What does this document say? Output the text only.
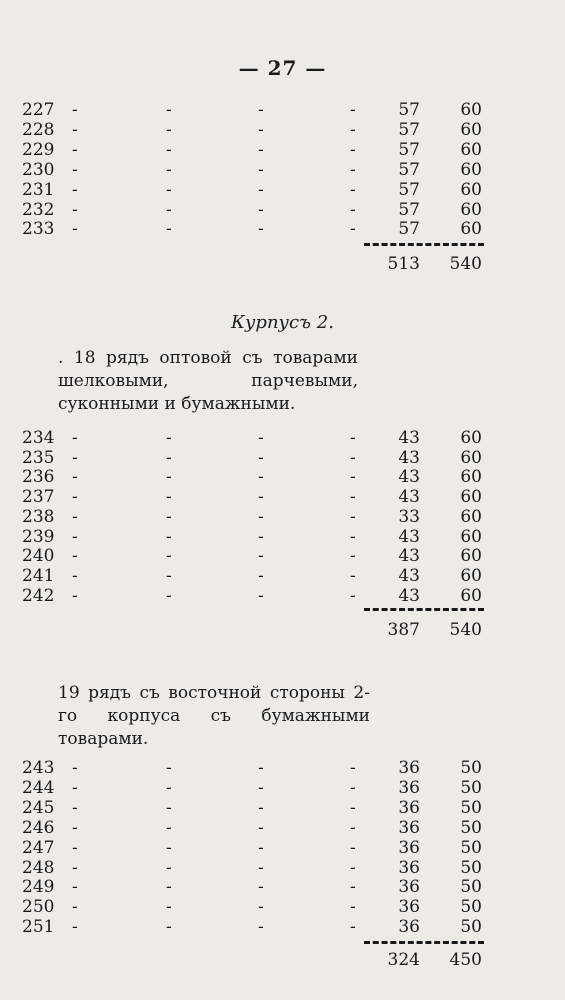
— 27 —
227 -	-	-	-	57	60
228 -	-	-	-	57	60
229 -	-	-	-	57	60
230 -	-	-	-	57	60
231 -	-	-	-	57	60
232 -	-	-	-	57	60
233 -	-	-	-	57	60
513	540
Курпусъ 2.
. 18 рядъ оптовой съ товарами шелковыми, парчевыми, суконными и бумажными.
234 -	-	-	-	43	60
235 -	-	-	-	43	60
236 -	-	-	-	43	60
237 -	-	-	-	43	60
238 -	-	-	-	33	60
239 -	-	-	-	43	60
240 -	-	-	-	43	60
241 -	-	-	-	43	60
242 -	-	-	-	43	60
387	540
19 рядъ съ восточной стороны 2-го корпуса съ бумажными товарами.
243 -	-	-	-	36	50
244 -	-	-	-	36	50
245 -	-	-	-	36	50
246 -	-	-	-	36	50
247 -	-	-	-	36	50
248 -	-	-	-	36	50
249 -	-	-	-	36	50
250 -	-	-	-	36	50
251 -	-	-	-	36	50
324	450
